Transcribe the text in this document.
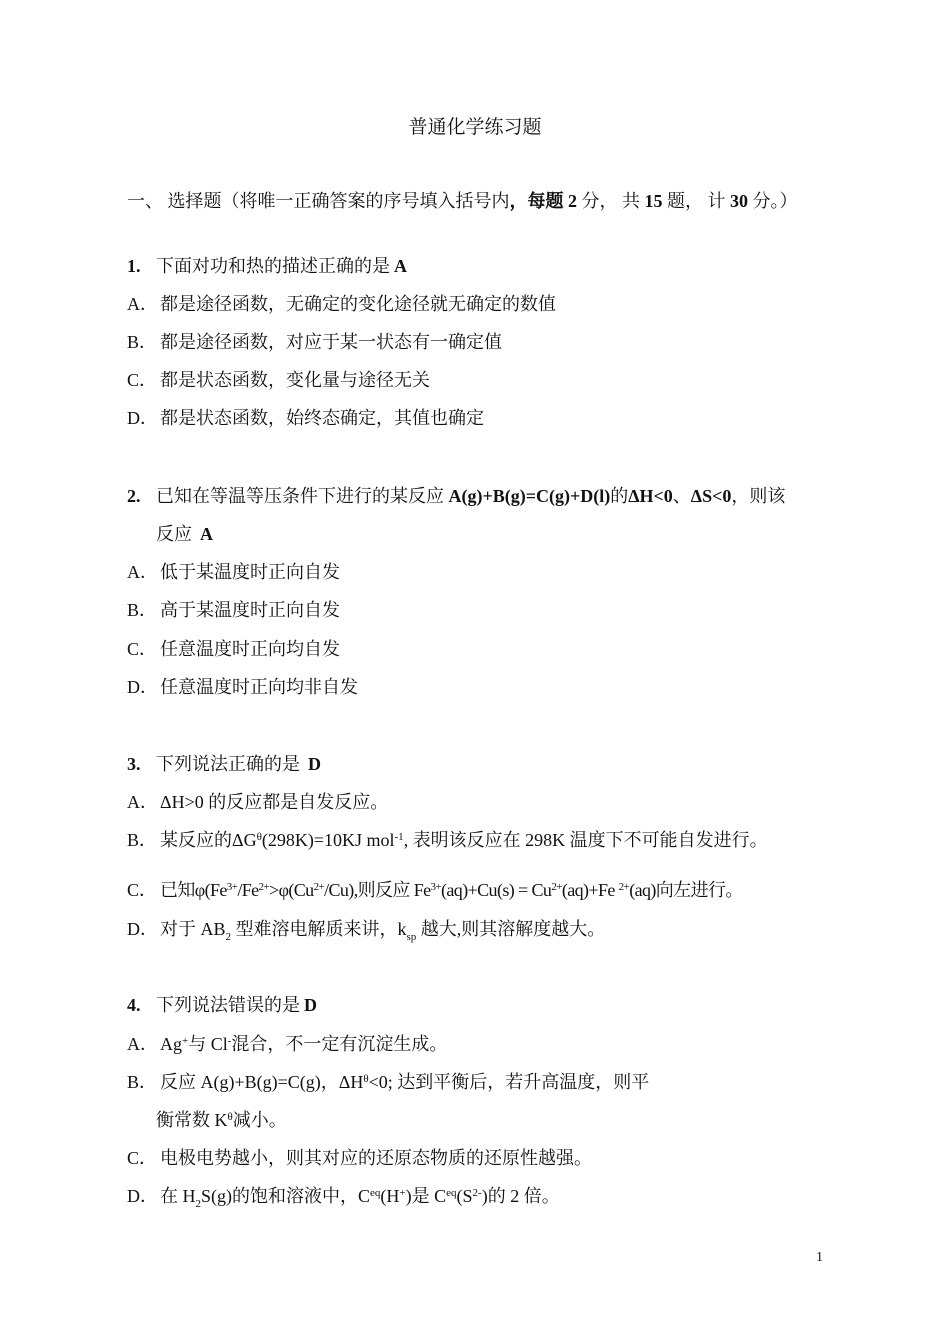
普通化学练习题
一、 选择题（将唯一正确答案的序号填入括号内，每题 2 分， 共 15 题， 计 30 分。）
1. 下面对功和热的描述正确的是 A
A． 都是途径函数，无确定的变化途径就无确定的数值
B． 都是途径函数，对应于某一状态有一确定值
C． 都是状态函数，变化量与途径无关
D． 都是状态函数，始终态确定，其值也确定
2. 已知在等温等压条件下进行的某反应 A(g)+B(g)=C(g)+D(l)的ΔH<0、ΔS<0，则该
反应 A
A． 低于某温度时正向自发
B． 高于某温度时正向自发
C． 任意温度时正向均自发
D． 任意温度时正向均非自发
3. 下列说法正确的是 D
A． ΔH>0 的反应都是自发反应。
B． 某反应的$\Delta G^\theta(298K)=10KJ$ mol$^{-1}$, 表明该反应在 298K 温度下不可能自发进行。
C． 已知$\varphi(Fe^{3+}/Fe^{2+}>\varphi(Cu^{2+}/Cu)$,则反应 $Fe^{3+}(aq)+Cu(s) = Cu^{2+}(aq)+Fe$ $^{2+}$(aq)向左进行。
D． 对于 $AB_2$ 型难溶电解质来讲，$k_{sp}$ 越大,则其溶解度越大。
4. 下列说法错误的是 D
A． Ag+与 Cl-混合，不一定有沉淀生成。
B． 反应 A(g)+B(g)=C(g)，$\Delta H^\theta<0$; 达到平衡后，若升高温度，则平
衡常数 $K^\theta$减小。
C． 电极电势越小，则其对应的还原态物质的还原性越强。
D． 在 $H_2S(g)$的饱和溶液中，$C^{eq}(H^+)$是 $C^{eq}(S^{2-})$的 2 倍。
1
